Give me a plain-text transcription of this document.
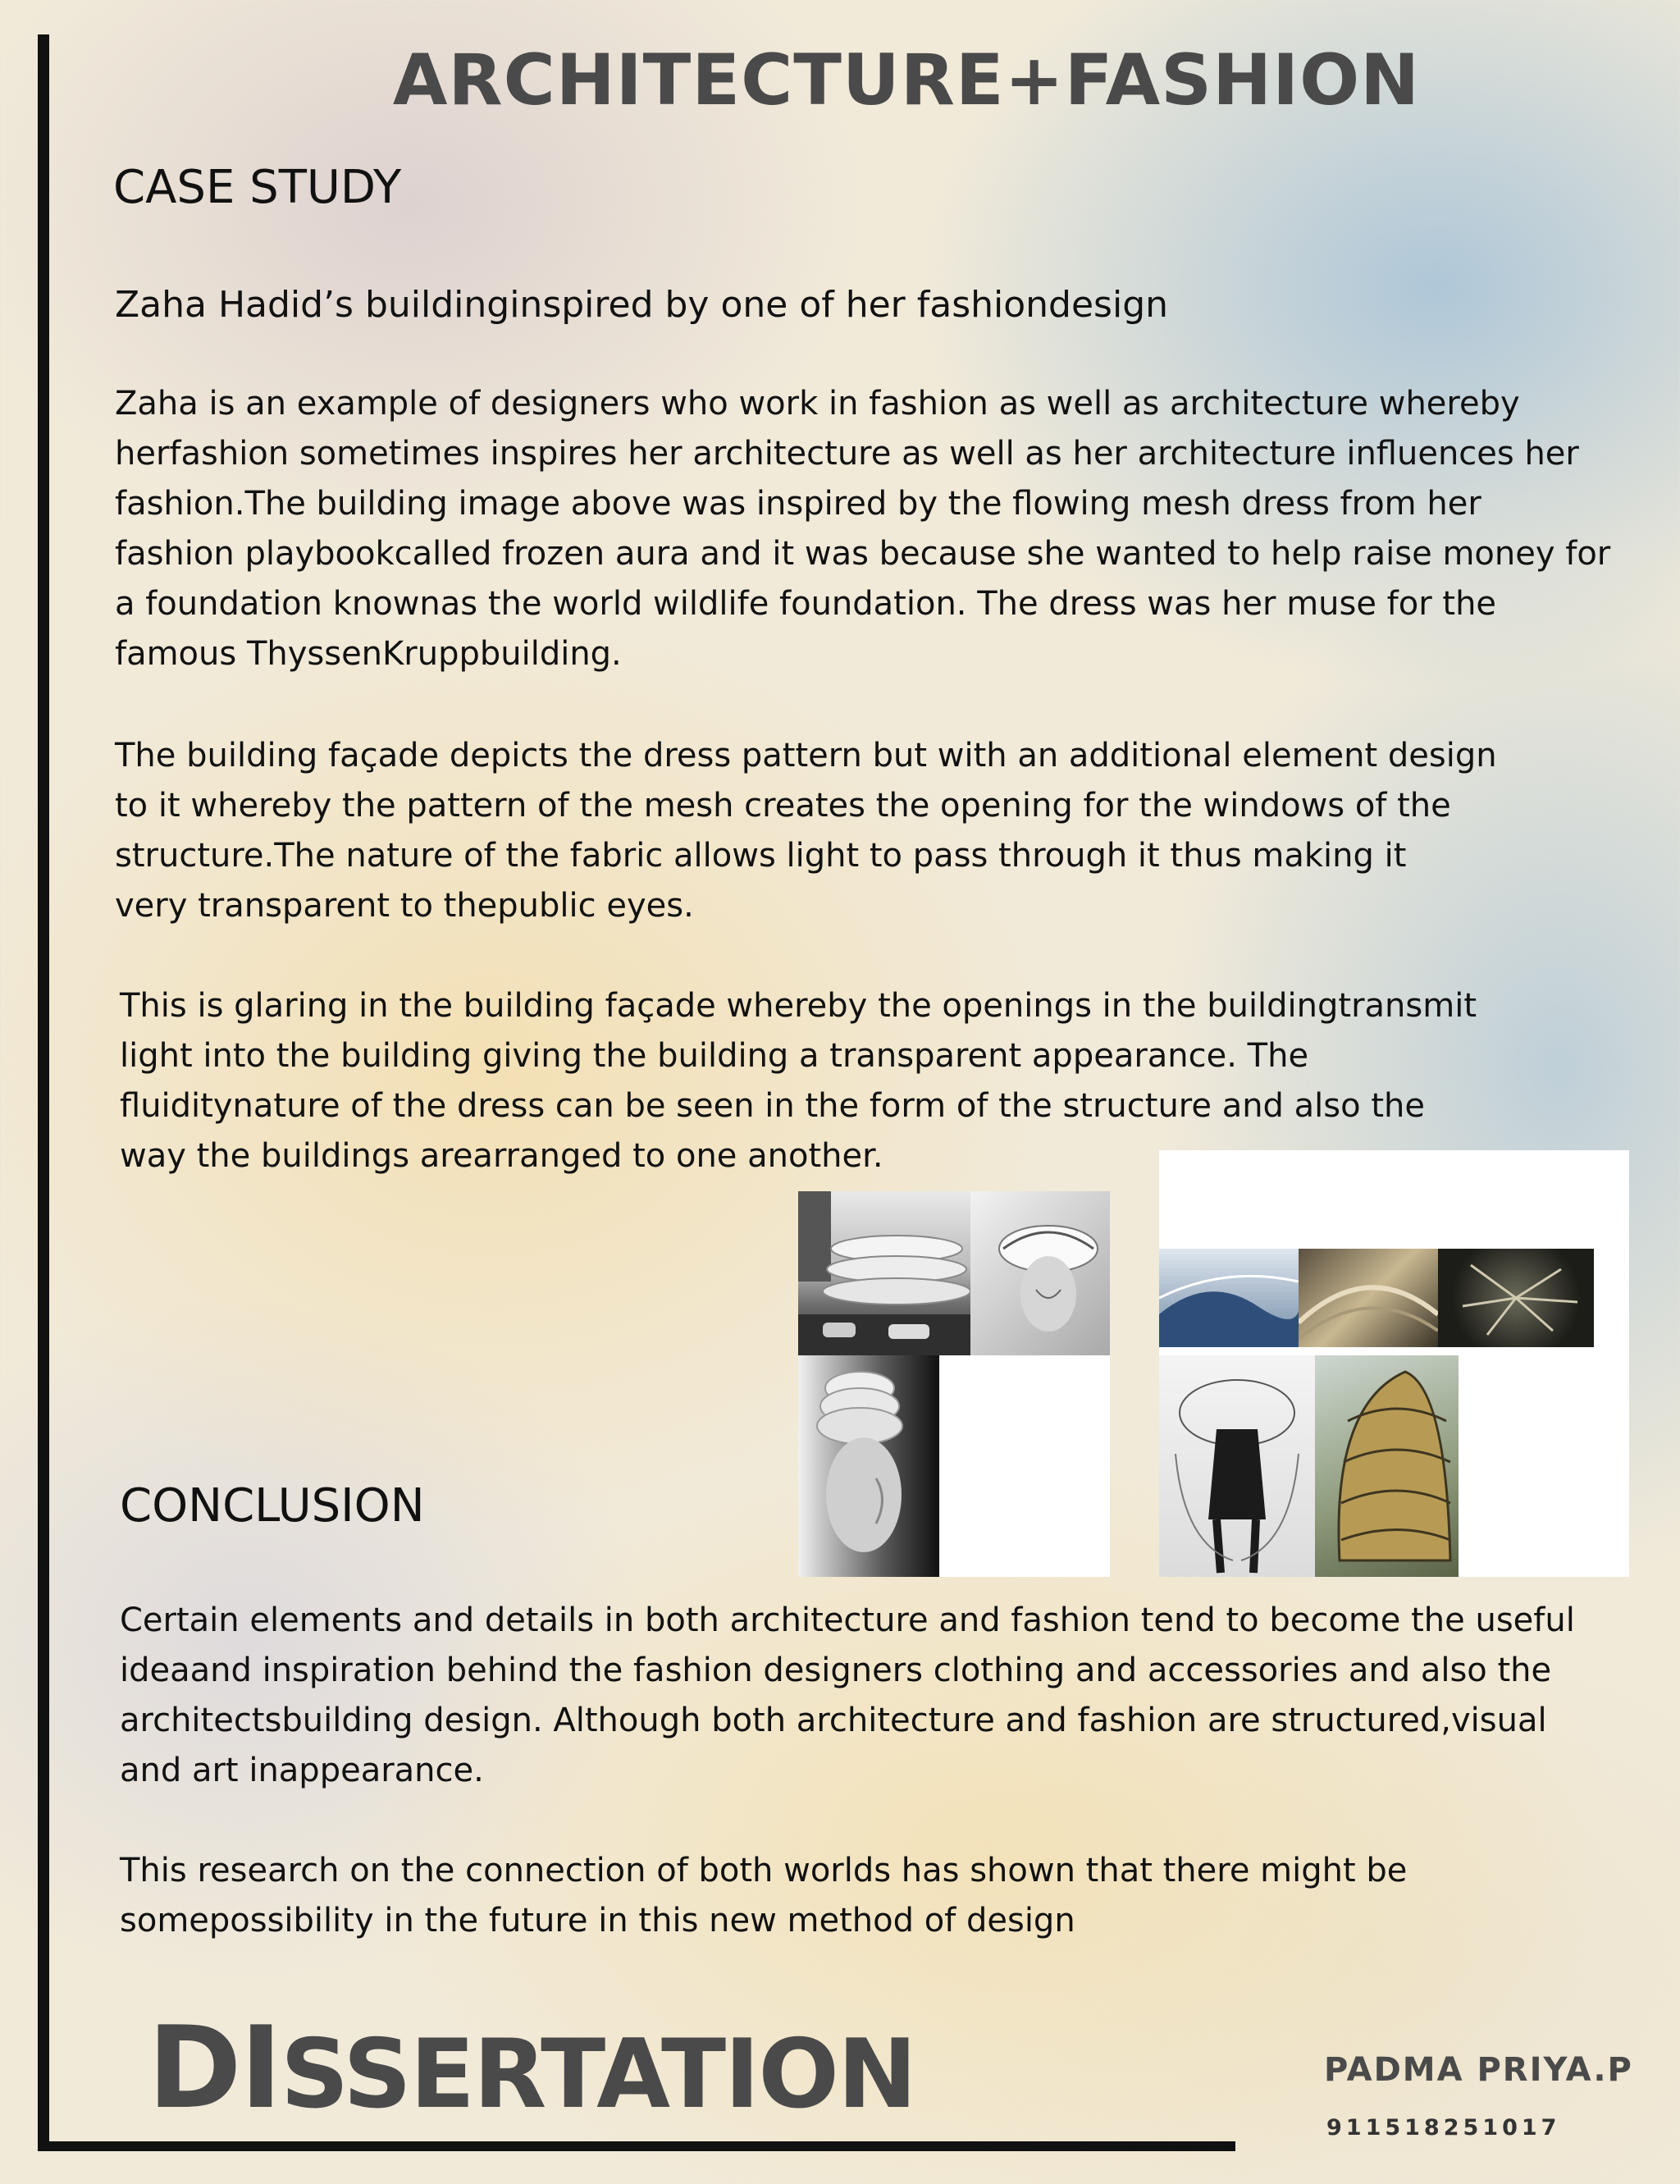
ARCHITECTURE+FASHION
CASE STUDY
Zaha Hadid’s buildinginspired by one of her fashiondesign
Zaha is an example of designers who work in fashion as well as architecture whereby
herfashion sometimes inspires her architecture as well as her architecture influences her
fashion.The building image above was inspired by the flowing mesh dress from her
fashion playbookcalled frozen aura and it was because she wanted to help raise money for
a foundation knownas the world wildlife foundation. The dress was her muse for the
famous ThyssenKruppbuilding.
The building façade depicts the dress pattern but with an additional element design
to it whereby the pattern of the mesh creates the opening for the windows of the
structure.The nature of the fabric allows light to pass through it thus making it
very transparent to thepublic eyes.
This is glaring in the building façade whereby the openings in the buildingtransmit
light into the building giving the building a transparent appearance. The
fluiditynature of the dress can be seen in the form of the structure and also the
way the buildings arearranged to one another.
CONCLUSION
Certain elements and details in both architecture and fashion tend to become the useful
ideaand inspiration behind the fashion designers clothing and accessories and also the
architectsbuilding design. Although both architecture and fashion are structured,visual
and art inappearance.
This research on the connection of both worlds has shown that there might be
somepossibility in the future in this new method of design
DISSERTATION	PADMA PRIYA.P
911518251017
